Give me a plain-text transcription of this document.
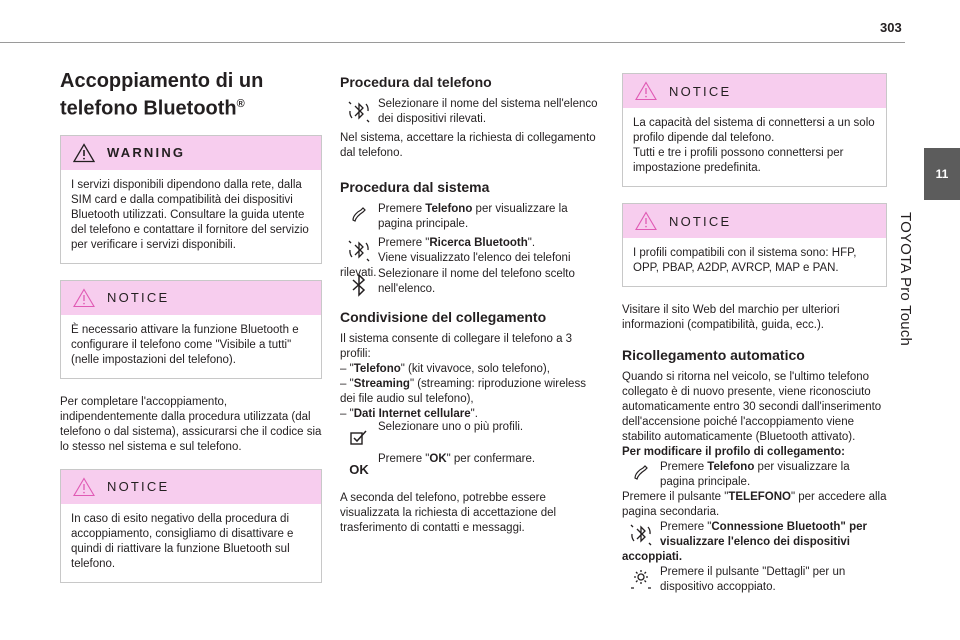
303
11
TOYOTA Pro Touch
Accoppiamento di un telefono Bluetooth®
WARNING
I servizi disponibili dipendono dalla rete, dalla SIM card e dalla compatibilità dei dispositivi Bluetooth utilizzati. Consultare la guida utente del telefono e contattare il fornitore del servizio per verificare i servizi disponibili.
NOTICE
È necessario attivare la funzione Bluetooth e configurare il telefono come "Visibile a tutti" (nelle impostazioni del telefono).

Per completare l'accoppiamento, indipendentemente dalla procedura utilizzata (dal telefono o dal sistema), assicurarsi che il codice sia lo stesso nel sistema e sul telefono.

NOTICE
In caso di esito negativo della procedura di accoppiamento, consigliamo di disattivare e quindi di riattivare la funzione Bluetooth sul telefono.
Procedura dal telefono
Selezionare il nome del sistema nell'elenco dei dispositivi rilevati.
Nel sistema, accettare la richiesta di collegamento dal telefono.
Procedura dal sistema
Premere Telefono per visualizzare la pagina principale.
Premere "Ricerca Bluetooth".
Viene visualizzato l'elenco dei telefoni
rilevati. Selezionare il nome del telefono scelto nell'elenco.
Condivisione del collegamento
Il sistema consente di collegare il telefono a 3 profili:
– "Telefono" (kit vivavoce, solo telefono),
– "Streaming" (streaming: riproduzione wireless dei file audio sul telefono),
– "Dati Internet cellulare".
Selezionare uno o più profili.
OK
Premere "OK" per confermare.

A seconda del telefono, potrebbe essere visualizzata la richiesta di accettazione del trasferimento di contatti e messaggi.

NOTICE
La capacità del sistema di connettersi a un solo profilo dipende dal telefono.
Tutti e tre i profili possono connettersi per impostazione predefinita.
NOTICE
I profili compatibili con il sistema sono: HFP, OPP, PBAP, A2DP, AVRCP, MAP e PAN.

Visitare il sito Web del marchio per ulteriori informazioni (compatibilità, guida, ecc.).

Ricollegamento automatico
Quando si ritorna nel veicolo, se l'ultimo telefono collegato è di nuovo presente, viene riconosciuto automaticamente entro 30 secondi dall'inserimento dell'accensione poiché l'accoppiamento viene stabilito automaticamente (Bluetooth attivato).
Per modificare il profilo di collegamento:
Premere Telefono per visualizzare la pagina principale.
Premere il pulsante "TELEFONO" per accedere alla pagina secondaria.
Premere "Connessione Bluetooth" per visualizzare l'elenco dei dispositivi
accoppiati.
Premere il pulsante "Dettagli" per un dispositivo accoppiato.
